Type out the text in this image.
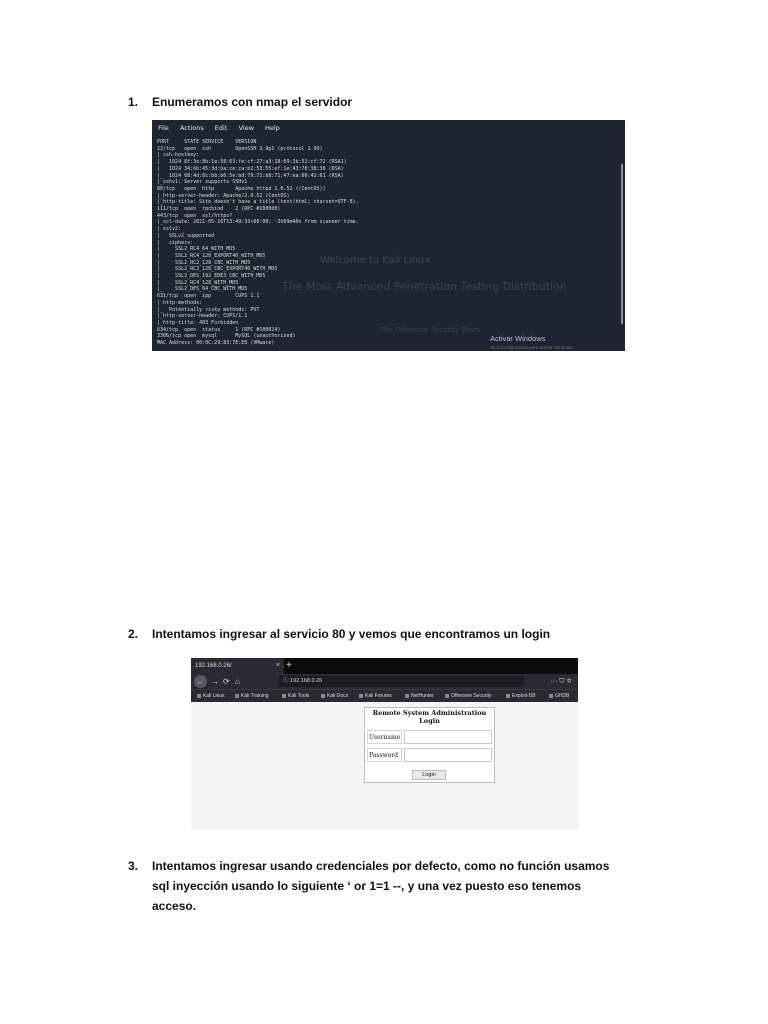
1. Enumeramos con nmap el servidor
Welcome to Kali Linux
The Most Advanced Penetration Testing Distribution
The Offensive Security Team
File Actions Edit View Help
PORT     STATE SERVICE    VERSION
22/tcp   open  ssh        OpenSSH 3.9p1 (protocol 1.99)
| ssh-hostkey:
|   1024 8f:3e:8b:1e:58:63:fe:cf:27:a3:18:09:3b:52:cf:72 (RSA1)
|   1024 34:6b:45:3d:ba:ce:ca:b2:53:55:ef:1e:43:70:38:36 (DSA)
|_  1024 68:4d:8c:bb:b6:5e:bd:79:71:b8:71:47:ea:00:42:61 (RSA)
|_sshv1: Server supports SSHv1
80/tcp   open  http       Apache httpd 2.0.52 ((CentOS))
|_http-server-header: Apache/2.0.52 (CentOS)
|_http-title: Site doesn't have a title (text/html; charset=UTF-8).
111/tcp  open  rpcbind    2 (RPC #100000)
443/tcp  open  ssl/https?
|_ssl-date: 2021-05-16T13:49:33+00:00; -3h09m40s from scanner time.
| sslv2:
|   SSLv2 supported
|   ciphers:
|     SSL2_RC4_64_WITH_MD5
|     SSL2_RC4_128_EXPORT40_WITH_MD5
|     SSL2_RC2_128_CBC_WITH_MD5
|     SSL2_RC2_128_CBC_EXPORT40_WITH_MD5
|     SSL2_DES_192_EDE3_CBC_WITH_MD5
|     SSL2_RC4_128_WITH_MD5
|_    SSL2_DES_64_CBC_WITH_MD5
631/tcp  open  ipp        CUPS 1.1
| http-methods:
|_  Potentially risky methods: PUT
|_http-server-header: CUPS/1.1
|_http-title: 403 Forbidden
634/tcp  open  status     1 (RPC #100024)
3306/tcp open  mysql      MySQL (unauthorized)
MAC Address: 00:0C:29:83:7E:E8 (VMware)
Activar Windows
Ve a Configuración para activar Windows.
2. Intentamos ingresar al servicio 80 y vemos que encontramos un login
192.168.0.26/	× +
← → ⟳ ⌂	ⓘ 192.168.0.26	··· ⛉ ☆
Kali Linux	Kali Training	Kali Tools	Kali Docs	Kali Forums	NetHunter	Offensive Security	Exploit-DB	GHDB
Remote System Administration
Login
Username
Password
Login
3. Intentamos ingresar usando credenciales por defecto, como no función usamos sql inyección usando lo siguiente ‘ or 1=1 --, y una vez puesto eso tenemos acceso.
